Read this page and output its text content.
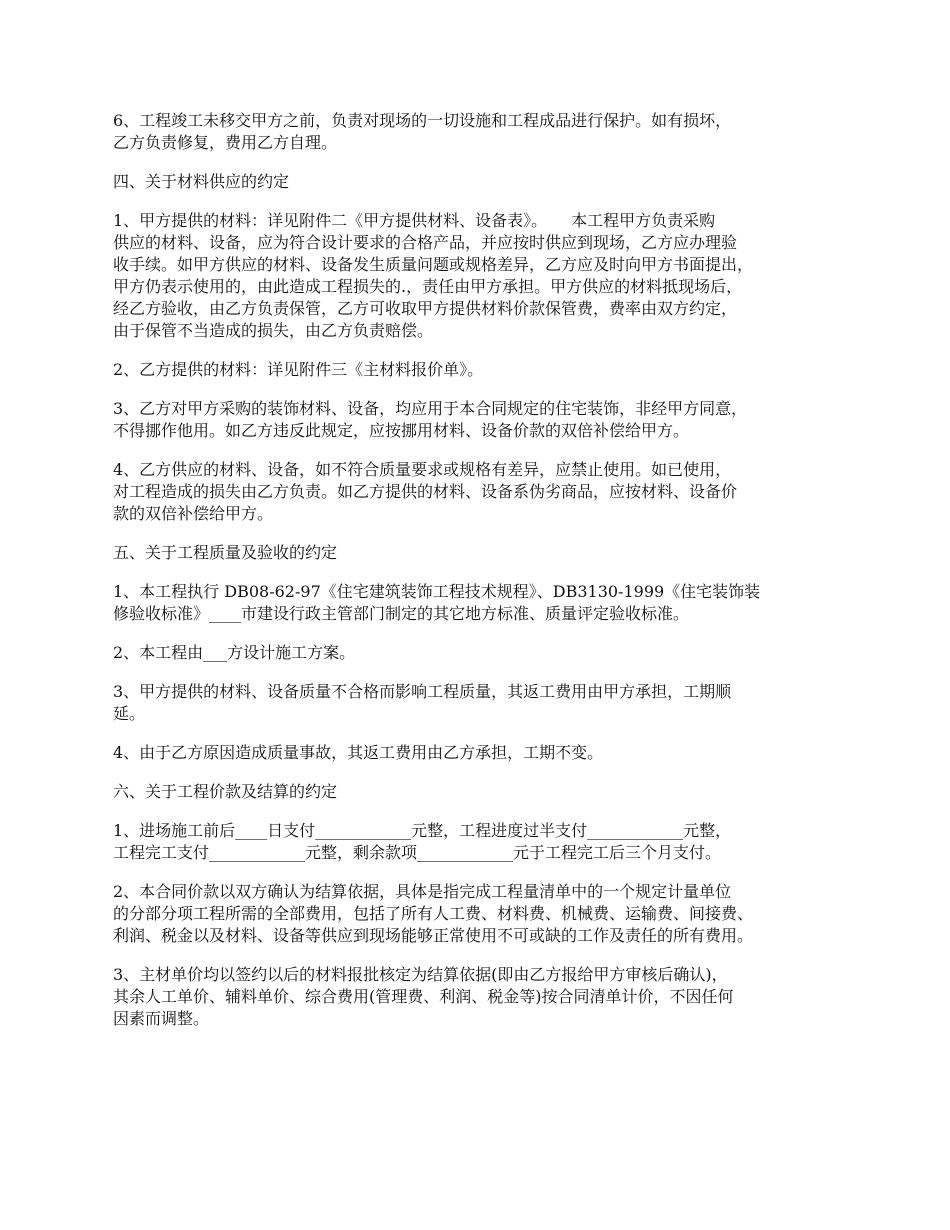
6、工程竣工未移交甲方之前，负责对现场的一切设施和工程成品进行保护。如有损坏，
乙方负责修复，费用乙方自理。
四、关于材料供应的约定
1、甲方提供的材料：详见附件二《甲方提供材料、设备表》。　　本工程甲方负责采购
供应的材料、设备，应为符合设计要求的合格产品，并应按时供应到现场，乙方应办理验
收手续。如甲方供应的材料、设备发生质量问题或规格差异，乙方应及时向甲方书面提出，
甲方仍表示使用的，由此造成工程损失的.，责任由甲方承担。甲方供应的材料抵现场后，
经乙方验收，由乙方负责保管，乙方可收取甲方提供材料价款保管费，费率由双方约定，
由于保管不当造成的损失，由乙方负责赔偿。
2、乙方提供的材料：详见附件三《主材料报价单》。
3、乙方对甲方采购的装饰材料、设备，均应用于本合同规定的住宅装饰，非经甲方同意，
不得挪作他用。如乙方违反此规定，应按挪用材料、设备价款的双倍补偿给甲方。
4、乙方供应的材料、设备，如不符合质量要求或规格有差异，应禁止使用。如已使用，
对工程造成的损失由乙方负责。如乙方提供的材料、设备系伪劣商品，应按材料、设备价
款的双倍补偿给甲方。
五、关于工程质量及验收的约定
1、本工程执行 DB08-62-97《住宅建筑装饰工程技术规程》、DB3130-1999《住宅装饰装
修验收标准》____市建设行政主管部门制定的其它地方标准、质量评定验收标准。
2、本工程由___方设计施工方案。
3、甲方提供的材料、设备质量不合格而影响工程质量，其返工费用由甲方承担，工期顺
延。
4、由于乙方原因造成质量事故，其返工费用由乙方承担，工期不变。
六、关于工程价款及结算的约定
1、进场施工前后____日支付____________元整，工程进度过半支付____________元整，
工程完工支付____________元整，剩余款项____________元于工程完工后三个月支付。
2、本合同价款以双方确认为结算依据，具体是指完成工程量清单中的一个规定计量单位
的分部分项工程所需的全部费用，包括了所有人工费、材料费、机械费、运输费、间接费、
利润、税金以及材料、设备等供应到现场能够正常使用不可或缺的工作及责任的所有费用。
3、主材单价均以签约以后的材料报批核定为结算依据(即由乙方报给甲方审核后确认)，
其余人工单价、辅料单价、综合费用(管理费、利润、税金等)按合同清单计价，不因任何
因素而调整。
